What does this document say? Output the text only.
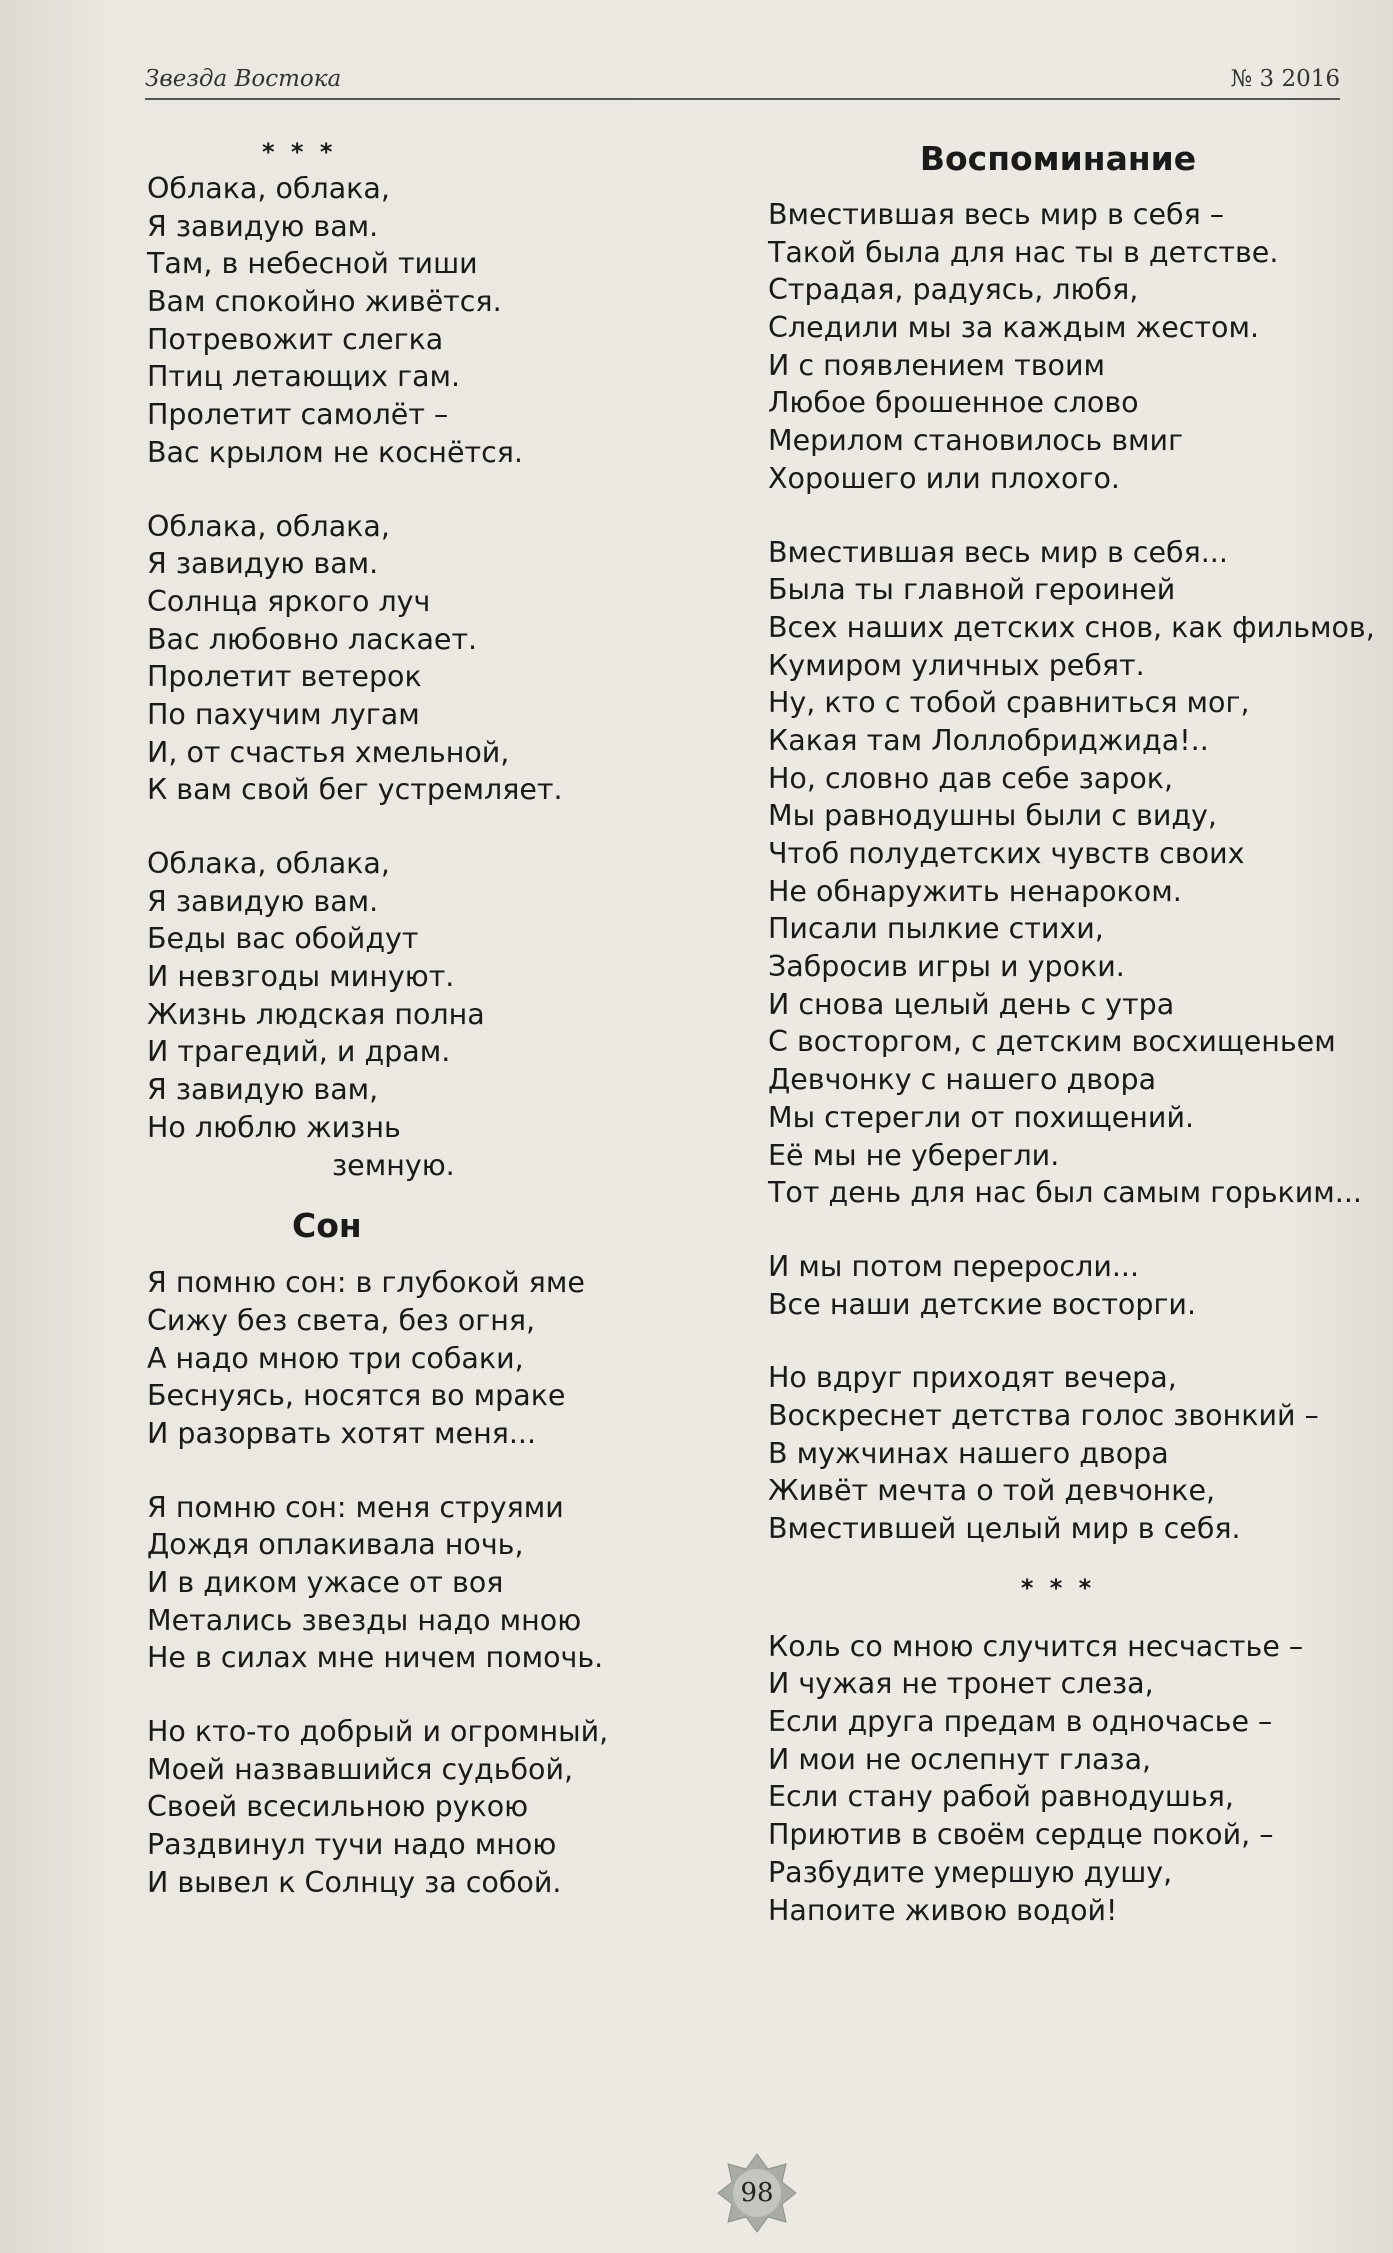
Звезда Востока	№ 3 2016
* * *
Облака, облака,
Я завидую вам.
Там, в небесной тиши
Вам спокойно живётся.
Потревожит слегка
Птиц летающих гам.
Пролетит самолёт –
Вас крылом не коснётся.
Облака, облака,
Я завидую вам.
Солнца яркого луч
Вас любовно ласкает.
Пролетит ветерок
По пахучим лугам
И, от счастья хмельной,
К вам свой бег устремляет.
Облака, облака,
Я завидую вам.
Беды вас обойдут
И невзгоды минуют.
Жизнь людская полна
И трагедий, и драм.
Я завидую вам,
Но люблю жизнь
земную.
Сон
Я помню сон: в глубокой яме
Сижу без света, без огня,
А надо мною три собаки,
Беснуясь, носятся во мраке
И разорвать хотят меня...
Я помню сон: меня струями
Дождя оплакивала ночь,
И в диком ужасе от воя
Метались звезды надо мною
Не в силах мне ничем помочь.
Но кто-то добрый и огромный,
Моей назвавшийся судьбой,
Своей всесильною рукою
Раздвинул тучи надо мною
И вывел к Солнцу за собой.
Воспоминание
Вместившая весь мир в себя –
Такой была для нас ты в детстве.
Страдая, радуясь, любя,
Следили мы за каждым жестом.
И с появлением твоим
Любое брошенное слово
Мерилом становилось вмиг
Хорошего или плохого.
Вместившая весь мир в себя...
Была ты главной героиней
Всех наших детских снов, как фильмов,
Кумиром уличных ребят.
Ну, кто с тобой сравниться мог,
Какая там Лоллобриджида!..
Но, словно дав себе зарок,
Мы равнодушны были с виду,
Чтоб полудетских чувств своих
Не обнаружить ненароком.
Писали пылкие стихи,
Забросив игры и уроки.
И снова целый день с утра
С восторгом, с детским восхищеньем
Девчонку с нашего двора
Мы стерегли от похищений.
Её мы не уберегли.
Тот день для нас был самым горьким...
И мы потом переросли...
Все наши детские восторги.
Но вдруг приходят вечера,
Воскреснет детства голос звонкий –
В мужчинах нашего двора
Живёт мечта о той девчонке,
Вместившей целый мир в себя.
* * *
Коль со мною случится несчастье –
И чужая не тронет слеза,
Если друга предам в одночасье –
И мои не ослепнут глаза,
Если стану рабой равнодушья,
Приютив в своём сердце покой, –
Разбудите умершую душу,
Напоите живою водой!
98
